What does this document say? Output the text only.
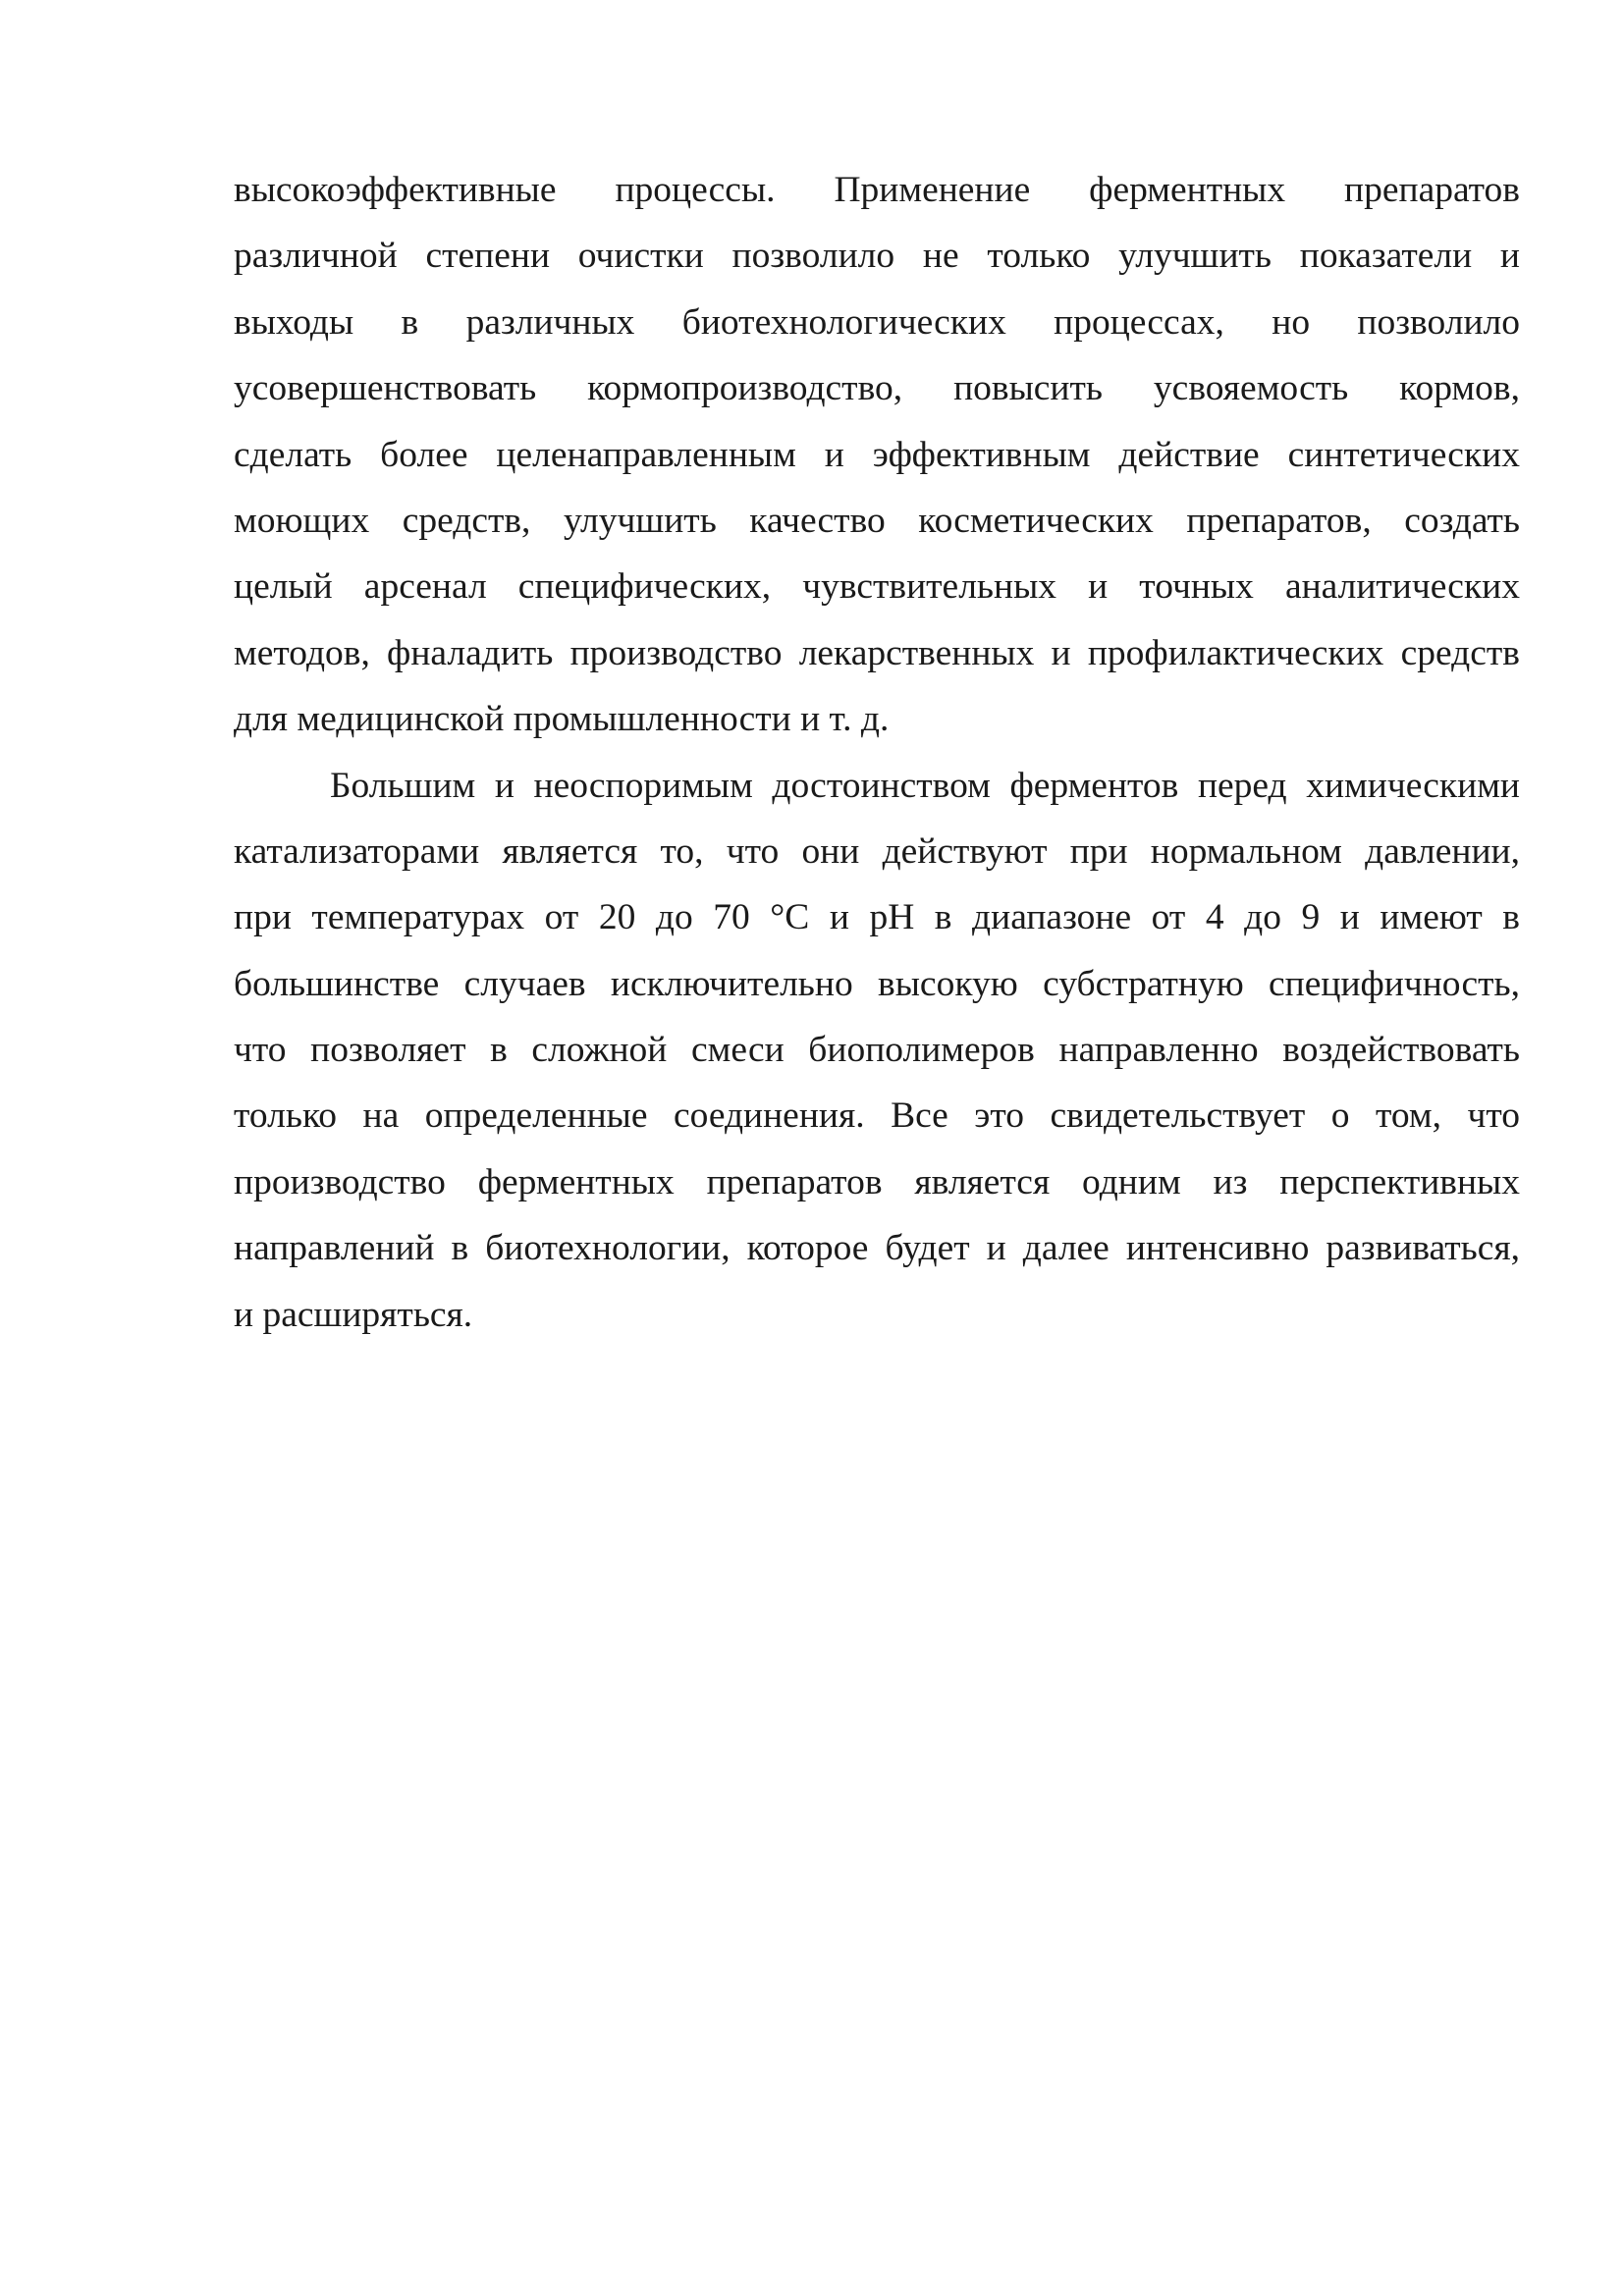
высокоэффективные процессы. Применение ферментных препаратов
различной степени очистки позволило не только улучшить показатели и
выходы в различных биотехнологических процессах, но позволило
усовершенствовать кормопроизводство, повысить усвояемость кормов,
сделать более целенаправленным и эффективным действие синтетических
моющих средств, улучшить качество косметических препаратов, создать
целый арсенал специфических, чувствительных и точных аналитических
методов, фналадить производство лекарственных и профилактических средств
для медицинской промышленности и т. д.
Большим и неоспоримым достоинством ферментов перед химическими
катализаторами является то, что они действуют при нормальном давлении,
при температурах от 20 до 70 °С и рН в диапазоне от 4 до 9 и имеют в
большинстве случаев исключительно высокую субстратную специфичность,
что позволяет в сложной смеси биополимеров направленно воздействовать
только на определенные соединения. Все это свидетельствует о том, что
производство ферментных препаратов является одним из перспективных
направлений в биотехнологии, которое будет и далее интенсивно развиваться,
и расширяться.
